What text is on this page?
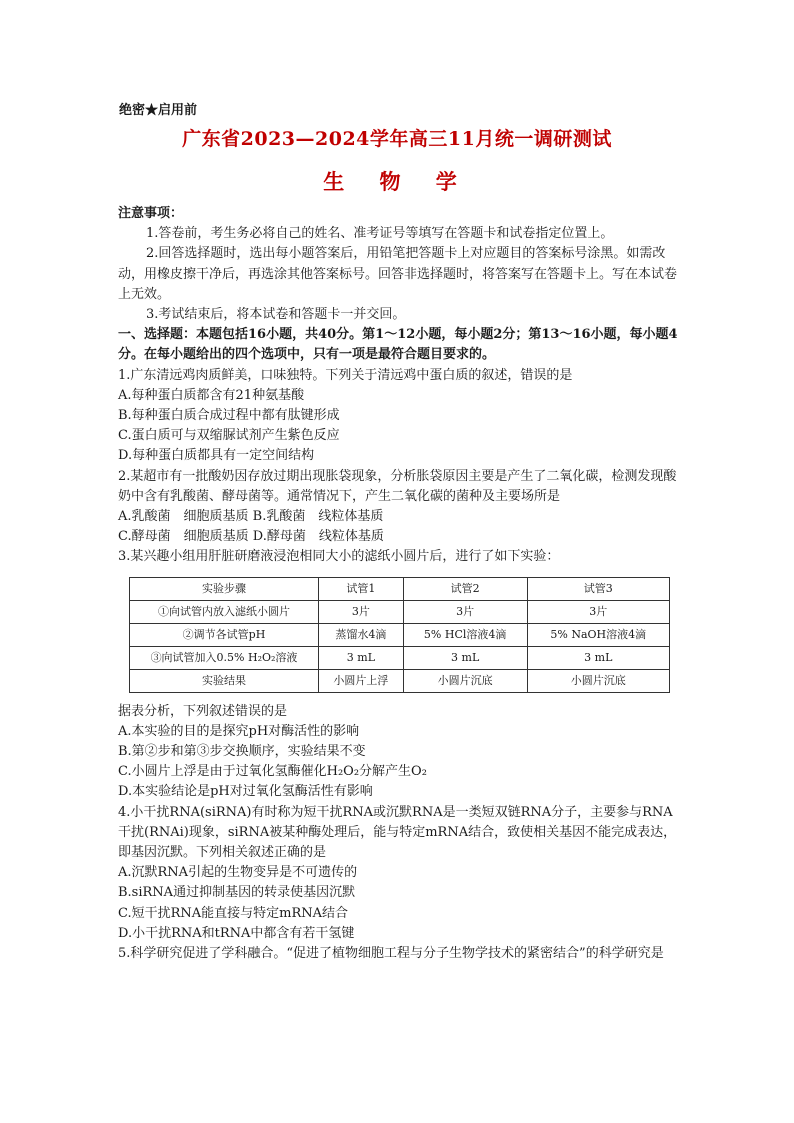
绝密★启用前
广东省2023—2024学年高三11月统一调研测试
生 物 学

注意事项：

1.答卷前，考生务必将自己的姓名、准考证号等填写在答题卡和试卷指定位置上。

2.回答选择题时，选出每小题答案后，用铅笔把答题卡上对应题目的答案标号涂黑。如需改动，用橡皮擦干净后，再选涂其他答案标号。回答非选择题时，将答案写在答题卡上。写在本试卷上无效。

3.考试结束后，将本试卷和答题卡一并交回。

一、选择题：本题包括16小题，共40分。第1～12小题，每小题2分；第13～16小题，每小题4分。在每小题给出的四个选项中，只有一项是最符合题目要求的。

1.广东清远鸡肉质鲜美，口味独特。下列关于清远鸡中蛋白质的叙述，错误的是

A.每种蛋白质都含有21种氨基酸

B.每种蛋白质合成过程中都有肽键形成

C.蛋白质可与双缩脲试剂产生紫色反应

D.每种蛋白质都具有一定空间结构

2.某超市有一批酸奶因存放过期出现胀袋现象，分析胀袋原因主要是产生了二氧化碳，检测发现酸奶中含有乳酸菌、酵母菌等。通常情况下，产生二氧化碳的菌种及主要场所是

A.乳酸菌　细胞质基质 B.乳酸菌　线粒体基质

C.酵母菌　细胞质基质 D.酵母菌　线粒体基质

3.某兴趣小组用肝脏研磨液浸泡相同大小的滤纸小圆片后，进行了如下实验：

实验步骤	试管1	试管2	试管3
①向试管内放入滤纸小圆片	3片	3片	3片
②调节各试管pH	蒸馏水4滴	5% HCl溶液4滴	5% NaOH溶液4滴
③向试管加入0.5% H₂O₂溶液	3 mL	3 mL	3 mL
实验结果	小圆片上浮	小圆片沉底	小圆片沉底

据表分析，下列叙述错误的是

A.本实验的目的是探究pH对酶活性的影响

B.第②步和第③步交换顺序，实验结果不变

C.小圆片上浮是由于过氧化氢酶催化H₂O₂分解产生O₂

D.本实验结论是pH对过氧化氢酶活性有影响

4.小干扰RNA(siRNA)有时称为短干扰RNA或沉默RNA是一类短双链RNA分子，主要参与RNA干扰(RNAi)现象，siRNA被某种酶处理后，能与特定mRNA结合，致使相关基因不能完成表达，即基因沉默。下列相关叙述正确的是

A.沉默RNA引起的生物变异是不可遗传的

B.siRNA通过抑制基因的转录使基因沉默

C.短干扰RNA能直接与特定mRNA结合

D.小干扰RNA和tRNA中都含有若干氢键

5.科学研究促进了学科融合。“促进了植物细胞工程与分子生物学技术的紧密结合”的科学研究是
